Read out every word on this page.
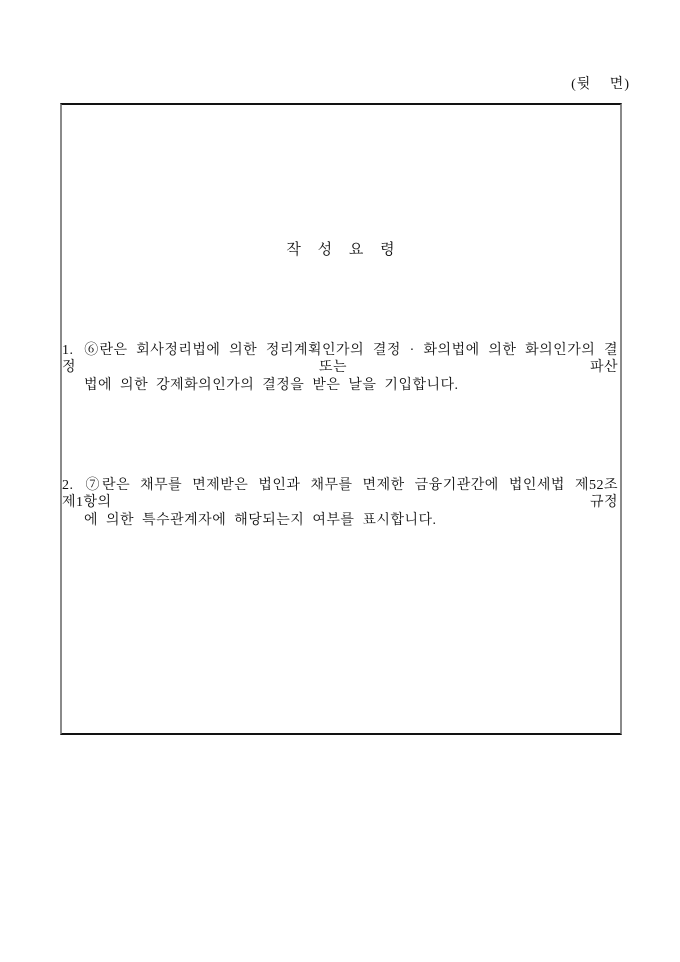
(뒷 면)
작 성 요 령
1. ⑥란은 회사정리법에 의한 정리계획인가의 결정 · 화의법에 의한 화의인가의 결정 또는 파산
법에 의한 강제화의인가의 결정을 받은 날을 기입합니다.
2. ⑦란은 채무를 면제받은 법인과 채무를 면제한 금융기관간에 법인세법 제52조 제1항의 규정
에 의한 특수관계자에 해당되는지 여부를 표시합니다.
